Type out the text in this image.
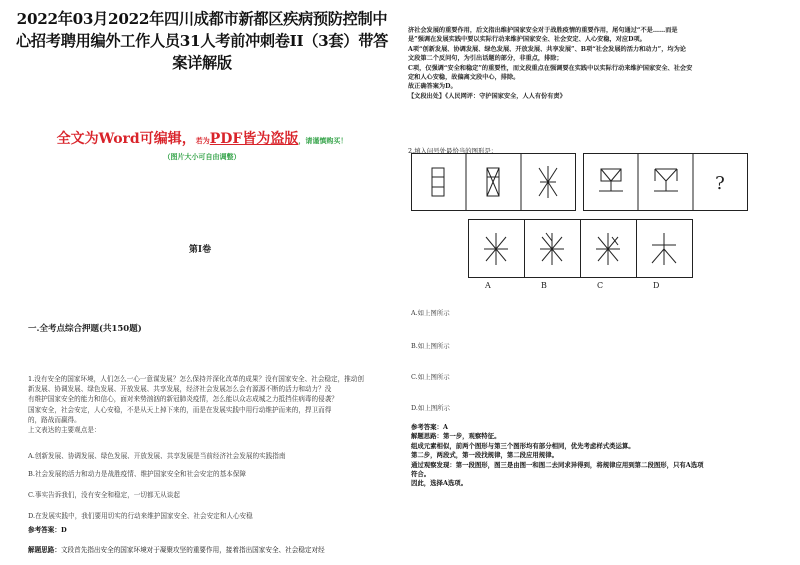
2022年03月2022年四川成都市新都区疾病预防控制中心招考聘用编外工作人员31人考前冲刺卷II（3套）带答案详解版
全文为Word可编辑，若为PDF皆为盗版，请谨慎购买！
（图片大小可自由调整）
第Ⅰ卷
一.全考点综合押题(共150题)

1.没有安全的国家环境，人们怎么一心一意谋发展？怎么保持并深化改革的成果？没有国家安全、社会稳定，推动创

新发展、协调发展、绿色发展、开放发展、共享发展，经济社会发展怎么会有源源不断的活力和动力？没

有维护国家安全的能力和信心，面对来势汹汹的新冠肺炎疫情，怎么能以众志成城之力抵挡住病毒的侵袭？

国家安全，社会安定，人心安稳，不是从天上掉下来的，而是在发展实践中用行动维护而来的，捍卫而得

的，路战而赢得。

上文表达的主要观点是：

A.创新发展、协调发展、绿色发展、开放发展、共享发展是当前经济社会发展的实践指南
B.社会发展的活力和动力是战胜疫情、维护国家安全和社会安定的基本保障
C.事实告诉我们，没有安全和稳定，一切都无从谈起
D.在发展实践中，我们要用切实的行动来维护国家安全、社会安定和人心安稳
参考答案：D
解题思路：文段首先指出安全的国家环境对于凝聚攻坚的重要作用，接着指出国家安全、社会稳定对经

济社会发展的重要作用，后文指出维护国家安全对于战胜疫情的重要作用，尾句通过“不是……而是

是”强调在发展实践中要以实际行动来维护国家安全、社会安定、人心安稳，对应D项。

A项“创新发展、协调发展、绿色发展、开放发展、共享发展”、B项“社会发展的活力和动力”，均为论

文段第二个反问句，为引出话题的部分，非重点，排除；

C项，仅强调“安全和稳定”的重要性，而文段重点在强调要在实践中以实际行动来维护国家安全、社会安

定和人心安稳，故偏离文段中心，排除。

故正确答案为D。

【文段出处】《人民网评：守护国家安全，人人有份有责》

2.填入问号处最恰当的图形是：
?
A	B	C	D
A.如上图所示
B.如上图所示
C.如上图所示
D.如上图所示

参考答案：A

解题思路：第一步，观察特征。

组成元素相似，前两个图形与第三个图形均有部分相同，优先考虑样式类运算。

第二步，两段式，第一段找规律，第二段应用规律。

通过观察发现：第一段图形，图三是由图一和图二去同求异得到，将规律应用到第二段图形，只有A选项

符合。

因此，选择A选项。
